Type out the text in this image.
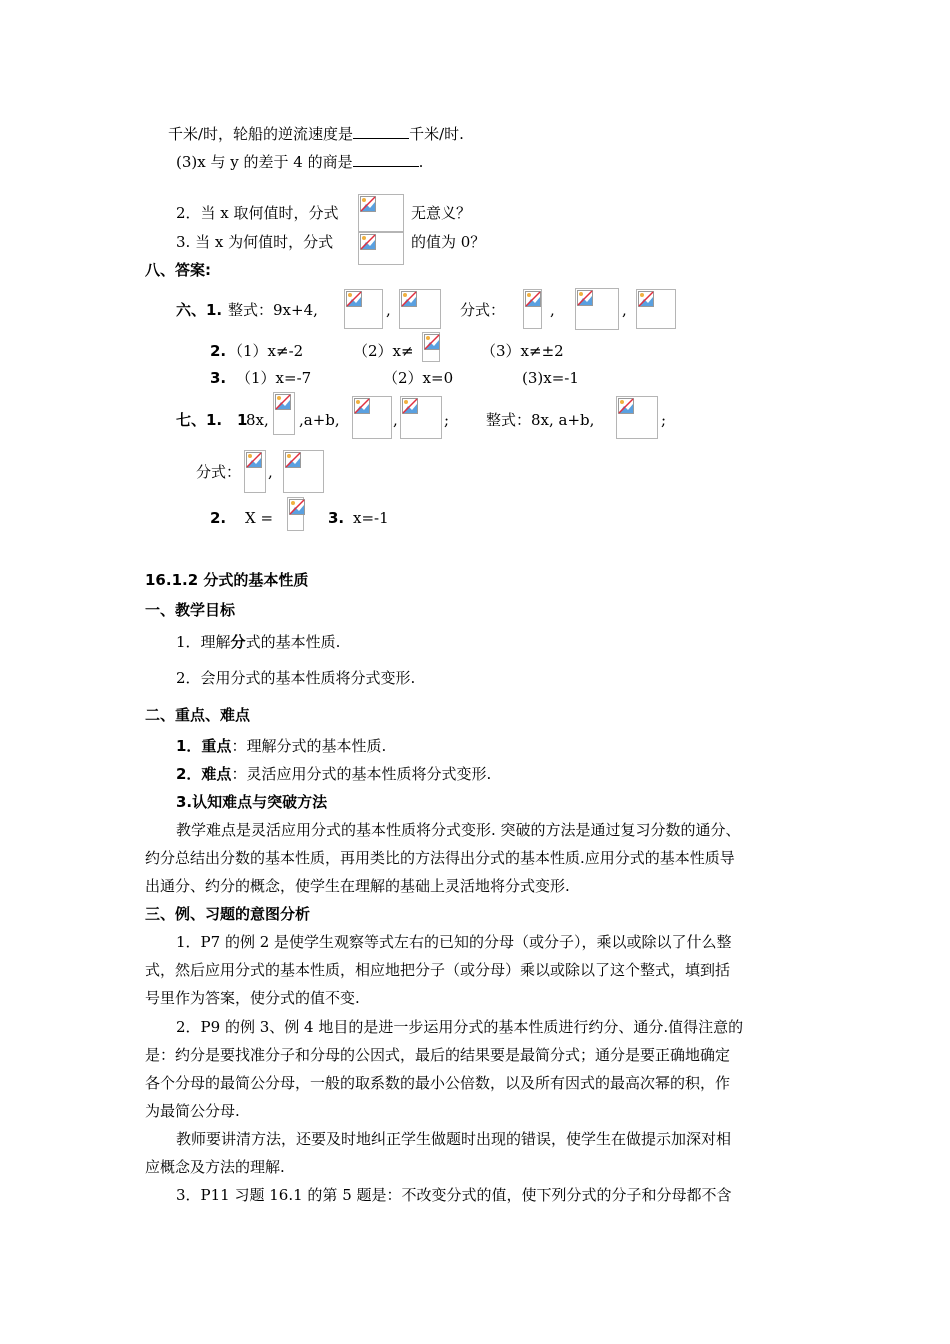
千米/时，轮船的逆流速度是	千米/时.
(3)x 与 y 的差于 4 的商是	.
2．当 x 取何值时，分式	无意义？
3. 当 x 为何值时，分式	的值为 0？
八、答案:
六、1. 整式：9x+4,	,	分式：	,	,
2. （1）x≠-2	（2）x≠	（3）x≠±2
3. （1）x=-7	（2）x=0	(3)x=-1
七、1. 1
8x, ,a+b,	,	; 整式：8x, a+b,	;
分式： ,
2. X =	3. x=-1
16.1.2 分式的基本性质
一、教学目标
1．理解分式的基本性质.
2．会用分式的基本性质将分式变形.
二、重点、难点
1．重点：理解分式的基本性质.
2．难点：灵活应用分式的基本性质将分式变形.
3.认知难点与突破方法
教学难点是灵活应用分式的基本性质将分式变形. 突破的方法是通过复习分数的通分、
约分总结出分数的基本性质，再用类比的方法得出分式的基本性质.应用分式的基本性质导
出通分、约分的概念，使学生在理解的基础上灵活地将分式变形.
三、例、习题的意图分析
1．P7 的例 2 是使学生观察等式左右的已知的分母（或分子），乘以或除以了什么整
式，然后应用分式的基本性质，相应地把分子（或分母）乘以或除以了这个整式，填到括
号里作为答案，使分式的值不变.
2．P9 的例 3、例 4 地目的是进一步运用分式的基本性质进行约分、通分.值得注意的
是：约分是要找准分子和分母的公因式，最后的结果要是最简分式；通分是要正确地确定
各个分母的最简公分母，一般的取系数的最小公倍数，以及所有因式的最高次幂的积，作
为最简公分母.
教师要讲清方法，还要及时地纠正学生做题时出现的错误，使学生在做提示加深对相
应概念及方法的理解.
3．P11 习题 16.1 的第 5 题是：不改变分式的值，使下列分式的分子和分母都不含
